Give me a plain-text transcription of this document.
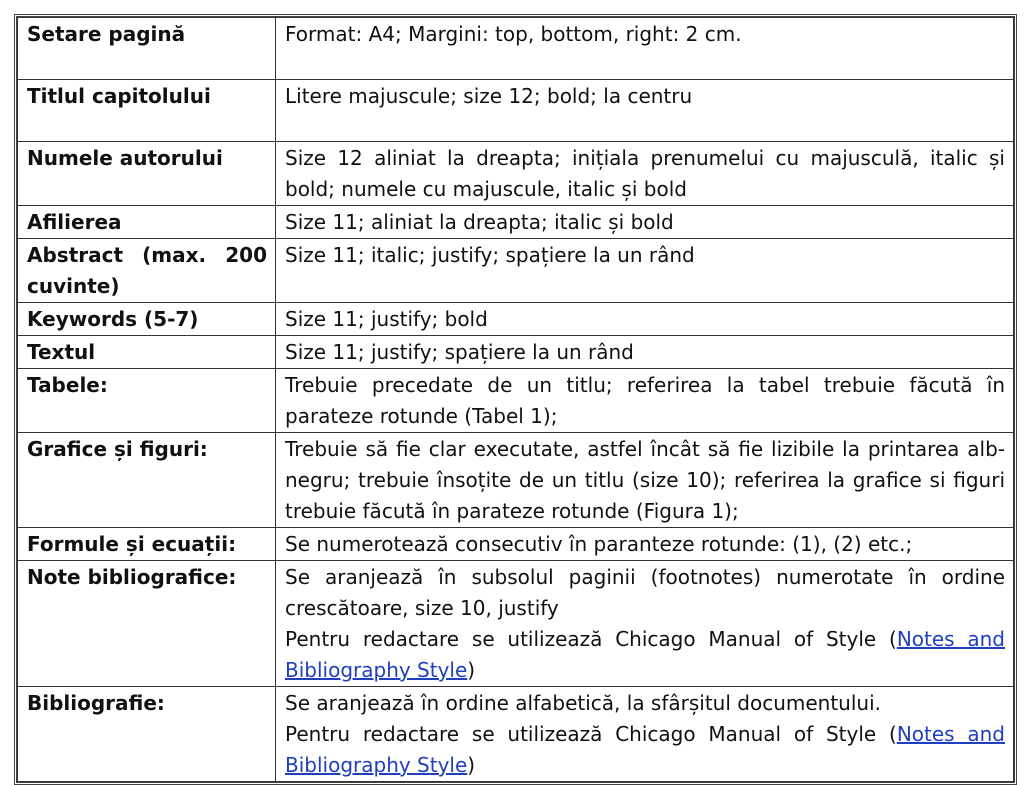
Setare pagină	Format: A4; Margini: top, bottom, right: 2 cm.
Titlul capitolului	Litere majuscule; size 12; bold; la centru
Numele autorului	Size 12 aliniat la dreapta; inițiala prenumelui cu majusculă, italic și bold; numele cu majuscule, italic și bold
Afilierea	Size 11; aliniat la dreapta; italic și bold
Abstract (max. 200 cuvinte)	Size 11; italic; justify; spațiere la un rând
Keywords (5-7)	Size 11; justify; bold
Textul	Size 11; justify; spațiere la un rând
Tabele:	Trebuie precedate de un titlu; referirea la tabel trebuie făcută în parateze rotunde (Tabel 1);
Grafice și figuri:	Trebuie să fie clar executate, astfel încât să fie lizibile la printarea alb-negru; trebuie însoțite de un titlu (size 10); referirea la grafice si figuri trebuie făcută în parateze rotunde (Figura 1);
Formule și ecuații:	Se numerotează consecutiv în paranteze rotunde: (1), (2) etc.;
Note bibliografice:	Se aranjează în subsolul paginii (footnotes) numerotate în ordine crescătoare, size 10, justify
Pentru redactare se utilizează Chicago Manual of Style (Notes and Bibliography Style)

Bibliografie:	Se aranjează în ordine alfabetică, la sfârșitul documentului.
Pentru redactare se utilizează Chicago Manual of Style (Notes and Bibliography Style)
